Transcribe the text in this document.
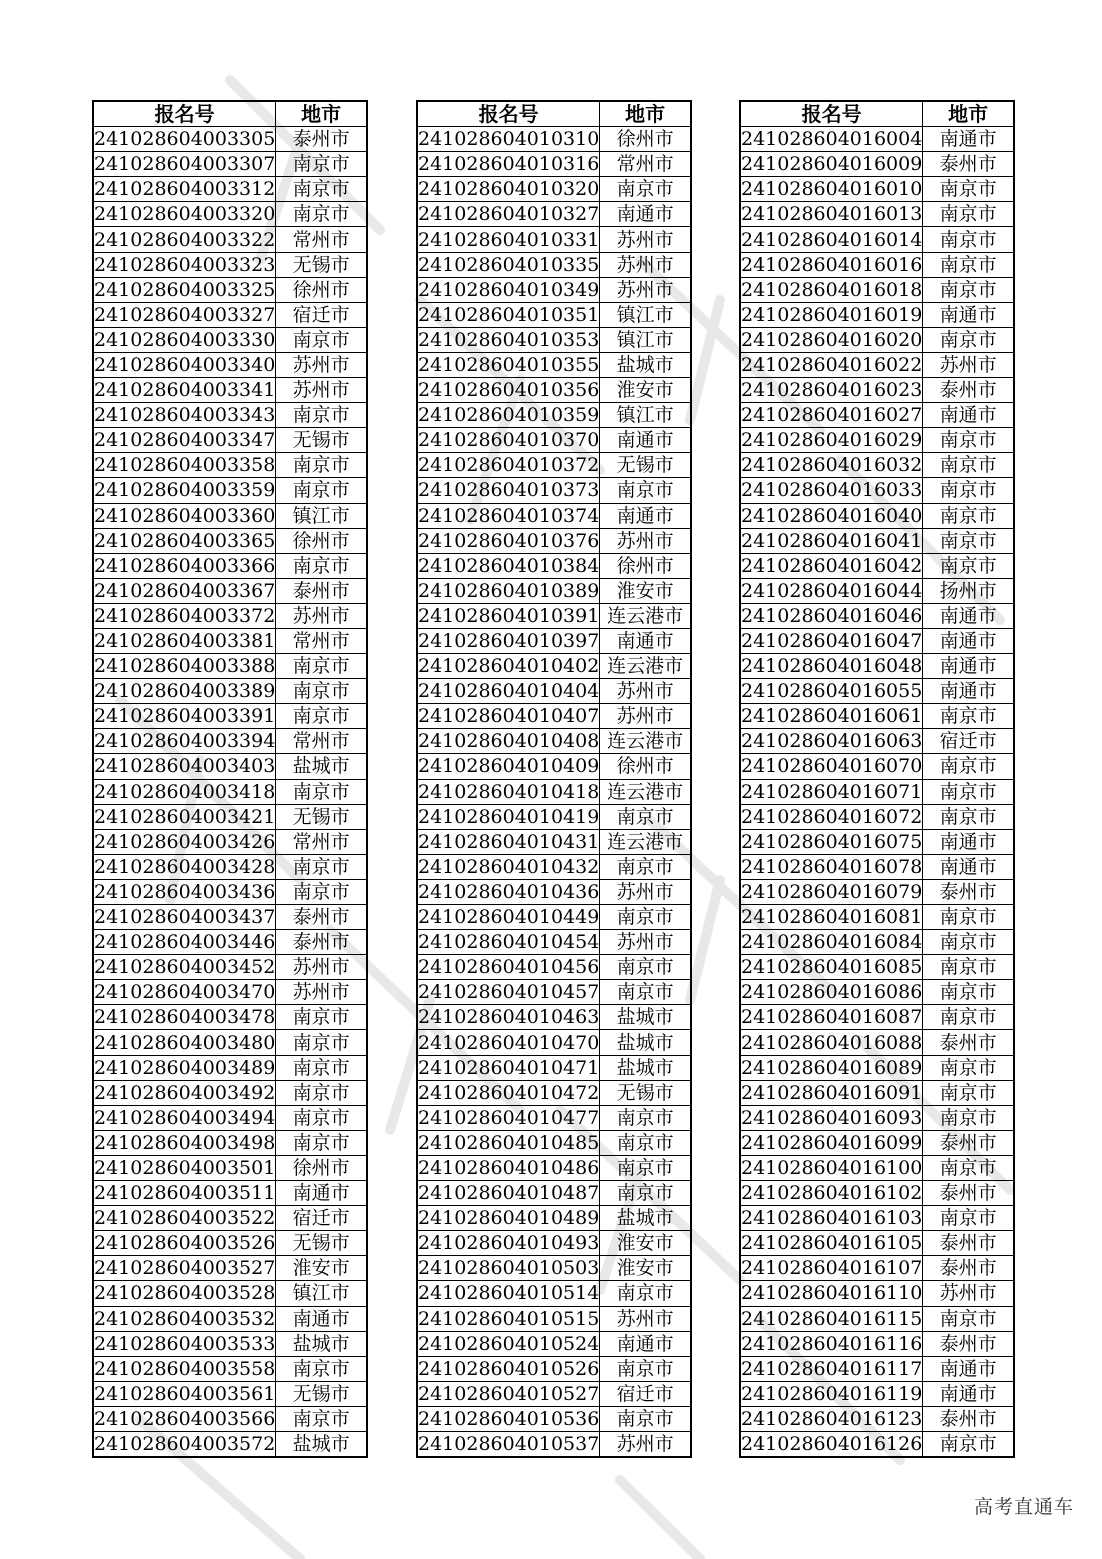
报名号	地市
241028604003305	泰州市
241028604003307	南京市
241028604003312	南京市
241028604003320	南京市
241028604003322	常州市
241028604003323	无锡市
241028604003325	徐州市
241028604003327	宿迁市
241028604003330	南京市
241028604003340	苏州市
241028604003341	苏州市
241028604003343	南京市
241028604003347	无锡市
241028604003358	南京市
241028604003359	南京市
241028604003360	镇江市
241028604003365	徐州市
241028604003366	南京市
241028604003367	泰州市
241028604003372	苏州市
241028604003381	常州市
241028604003388	南京市
241028604003389	南京市
241028604003391	南京市
241028604003394	常州市
241028604003403	盐城市
241028604003418	南京市
241028604003421	无锡市
241028604003426	常州市
241028604003428	南京市
241028604003436	南京市
241028604003437	泰州市
241028604003446	泰州市
241028604003452	苏州市
241028604003470	苏州市
241028604003478	南京市
241028604003480	南京市
241028604003489	南京市
241028604003492	南京市
241028604003494	南京市
241028604003498	南京市
241028604003501	徐州市
241028604003511	南通市
241028604003522	宿迁市
241028604003526	无锡市
241028604003527	淮安市
241028604003528	镇江市
241028604003532	南通市
241028604003533	盐城市
241028604003558	南京市
241028604003561	无锡市
241028604003566	南京市
241028604003572	盐城市
报名号	地市
241028604010310	徐州市
241028604010316	常州市
241028604010320	南京市
241028604010327	南通市
241028604010331	苏州市
241028604010335	苏州市
241028604010349	苏州市
241028604010351	镇江市
241028604010353	镇江市
241028604010355	盐城市
241028604010356	淮安市
241028604010359	镇江市
241028604010370	南通市
241028604010372	无锡市
241028604010373	南京市
241028604010374	南通市
241028604010376	苏州市
241028604010384	徐州市
241028604010389	淮安市
241028604010391	连云港市
241028604010397	南通市
241028604010402	连云港市
241028604010404	苏州市
241028604010407	苏州市
241028604010408	连云港市
241028604010409	徐州市
241028604010418	连云港市
241028604010419	南京市
241028604010431	连云港市
241028604010432	南京市
241028604010436	苏州市
241028604010449	南京市
241028604010454	苏州市
241028604010456	南京市
241028604010457	南京市
241028604010463	盐城市
241028604010470	盐城市
241028604010471	盐城市
241028604010472	无锡市
241028604010477	南京市
241028604010485	南京市
241028604010486	南京市
241028604010487	南京市
241028604010489	盐城市
241028604010493	淮安市
241028604010503	淮安市
241028604010514	南京市
241028604010515	苏州市
241028604010524	南通市
241028604010526	南京市
241028604010527	宿迁市
241028604010536	南京市
241028604010537	苏州市
报名号	地市
241028604016004	南通市
241028604016009	泰州市
241028604016010	南京市
241028604016013	南京市
241028604016014	南京市
241028604016016	南京市
241028604016018	南京市
241028604016019	南通市
241028604016020	南京市
241028604016022	苏州市
241028604016023	泰州市
241028604016027	南通市
241028604016029	南京市
241028604016032	南京市
241028604016033	南京市
241028604016040	南京市
241028604016041	南京市
241028604016042	南京市
241028604016044	扬州市
241028604016046	南通市
241028604016047	南通市
241028604016048	南通市
241028604016055	南通市
241028604016061	南京市
241028604016063	宿迁市
241028604016070	南京市
241028604016071	南京市
241028604016072	南京市
241028604016075	南通市
241028604016078	南通市
241028604016079	泰州市
241028604016081	南京市
241028604016084	南京市
241028604016085	南京市
241028604016086	南京市
241028604016087	南京市
241028604016088	泰州市
241028604016089	南京市
241028604016091	南京市
241028604016093	南京市
241028604016099	泰州市
241028604016100	南京市
241028604016102	泰州市
241028604016103	南京市
241028604016105	泰州市
241028604016107	泰州市
241028604016110	苏州市
241028604016115	南京市
241028604016116	泰州市
241028604016117	南通市
241028604016119	南通市
241028604016123	泰州市
241028604016126	南京市
高考直通车
